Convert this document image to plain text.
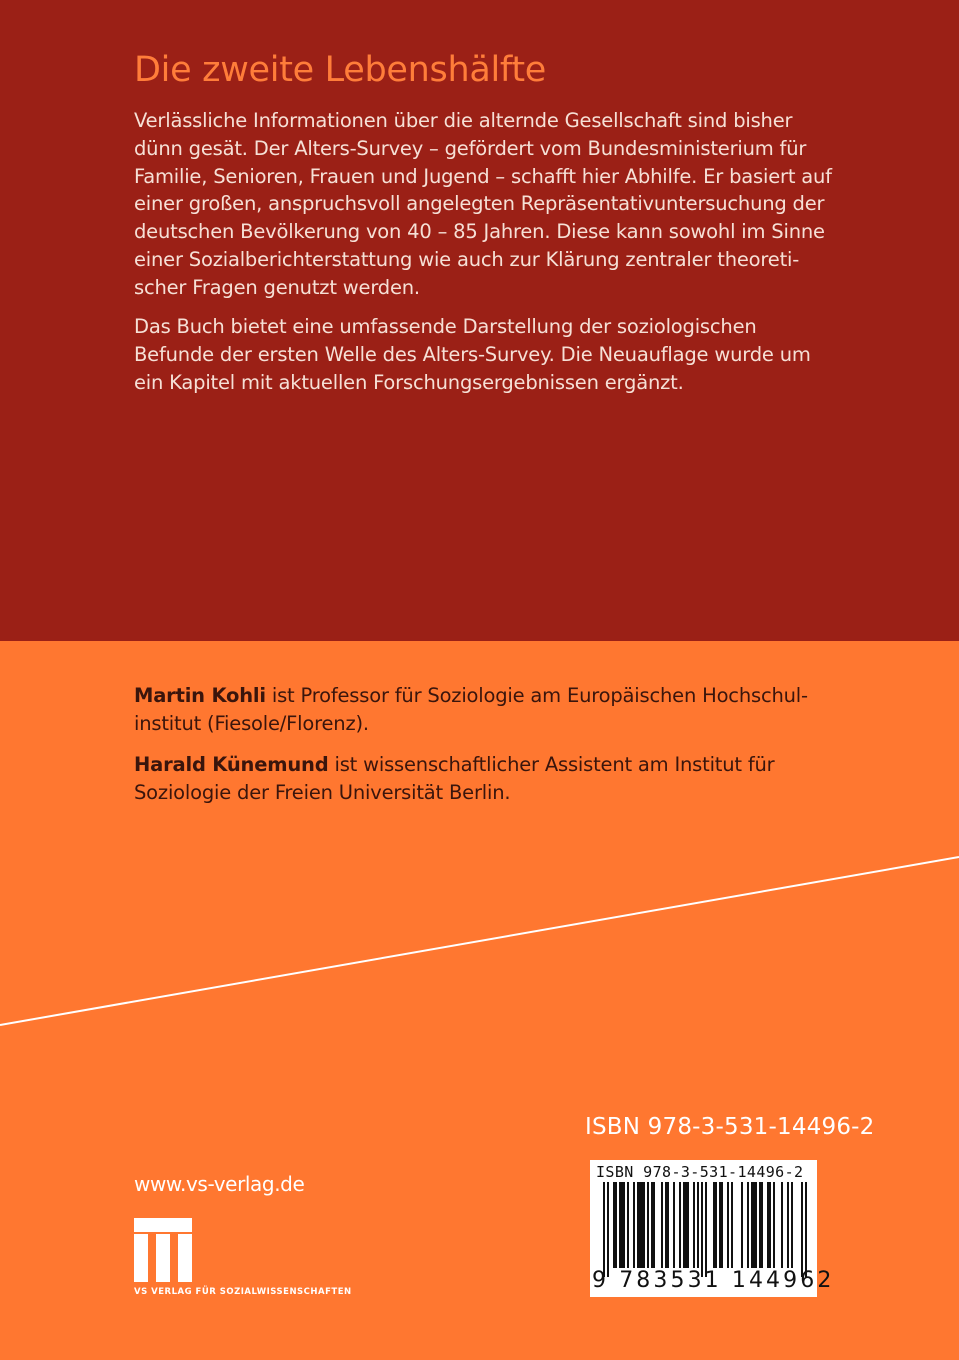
Die zweite Lebenshälfte
Verlässliche Informationen über die alternde Gesellschaft sind bisher
dünn gesät. Der Alters-Survey – gefördert vom Bundesministerium für
Familie, Senioren, Frauen und Jugend – schafft hier Abhilfe. Er basiert auf
einer großen, anspruchsvoll angelegten Repräsentativuntersuchung der
deutschen Bevölkerung von 40 – 85 Jahren. Diese kann sowohl im Sinne
einer Sozialberichterstattung wie auch zur Klärung zentraler theoreti-
scher Fragen genutzt werden.
Das Buch bietet eine umfassende Darstellung der soziologischen
Befunde der ersten Welle des Alters-Survey. Die Neuauflage wurde um
ein Kapitel mit aktuellen Forschungsergebnissen ergänzt.
Martin Kohli ist Professor für Soziologie am Europäischen Hochschul-
institut (Fiesole/Florenz).
Harald Künemund ist wissenschaftlicher Assistent am Institut für
Soziologie der Freien Universität Berlin.
ISBN 978-3-531-14496-2
www.vs-verlag.de
VS VERLAG FÜR SOZIALWISSENSCHAFTEN
ISBN 978-3-531-14496-2
9 783531 144962
